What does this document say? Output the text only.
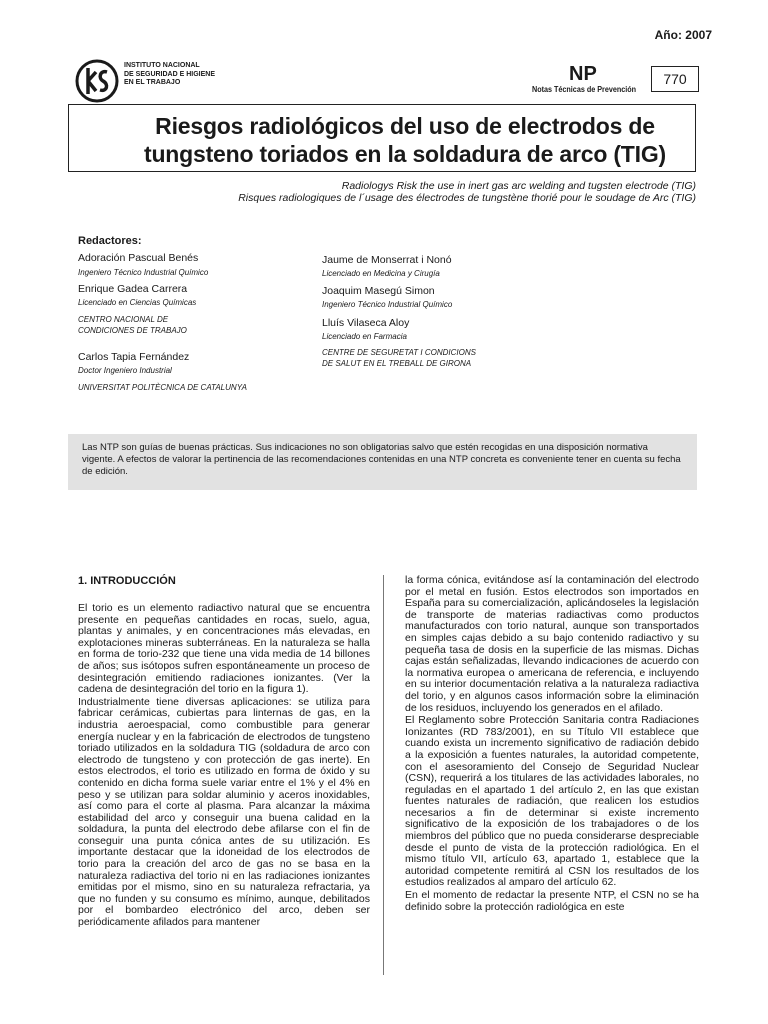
Año: 2007
INSTITUTO NACIONAL
DE SEGURIDAD E HIGIENE
EN EL TRABAJO	NP
Notas Técnicas de Prevención
770
Riesgos radiológicos del uso de electrodos de
tungsteno toriados en la soldadura de arco (TIG)
Radiologys Risk the use in inert gas arc welding and tugsten electrode (TIG)
Risques radiologiques de l´usage des électrodes de tungstène thorié pour le soudage de Arc (TIG)
Redactores:
Adoración Pascual Benés
Ingeniero Técnico Industrial Químico
Enrique Gadea Carrera
Licenciado en Ciencias Químicas
CENTRO NACIONAL DE
CONDICIONES DE TRABAJO
Carlos Tapia Fernández
Doctor Ingeniero Industrial
UNIVERSITAT POLITÈCNICA DE CATALUNYA
Jaume de Monserrat i Nonó
Licenciado en Medicina y Cirugía
Joaquim Masegú Simon
Ingeniero Técnico Industrial Químico
Lluís Vilaseca Aloy
Licenciado en Farmacia
CENTRE DE SEGURETAT I CONDICIONS
DE SALUT EN EL TREBALL DE GIRONA
Las NTP son guías de buenas prácticas. Sus indicaciones no son obligatorias salvo que estén recogidas en una disposición normativa vigente. A efectos de valorar la pertinencia de las recomendaciones contenidas en una NTP concreta es conveniente tener en cuenta su fecha de edición.
1. INTRODUCCIÓN

El torio es un elemento radiactivo natural que se encuentra presente en pequeñas cantidades en rocas, suelo, agua, plantas y animales, y en concentraciones más elevadas, en explotaciones mineras subterráneas. En la naturaleza se halla en forma de torio-232 que tiene una vida media de 14 billones de años; sus isótopos sufren espontáneamente un proceso de desintegración emitiendo radiaciones ionizantes. (Ver la cadena de desintegración del torio en la figura 1).

Industrialmente tiene diversas aplicaciones: se utiliza para fabricar cerámicas, cubiertas para linternas de gas, en la industria aeroespacial, como combustible para generar energía nuclear y en la fabricación de electrodos de tungsteno toriado utilizados en la soldadura TIG (soldadura de arco con electrodo de tungsteno y con protección de gas inerte). En estos electrodos, el torio es utilizado en forma de óxido y su contenido en dicha forma suele variar entre el 1% y el 4% en peso y se utilizan para soldar aluminio y aceros inoxidables, así como para el corte al plasma. Para alcanzar la máxima estabilidad del arco y conseguir una buena calidad en la soldadura, la punta del electrodo debe afilarse con el fin de conseguir una punta cónica antes de su utilización. Es importante destacar que la idoneidad de los electrodos de torio para la creación del arco de gas no se basa en la naturaleza radiactiva del torio ni en las radiaciones ionizantes emitidas por el mismo, sino en su naturaleza refractaria, ya que no funden y su consumo es mínimo, aunque, debilitados por el bombardeo electrónico del arco, deben ser periódicamente afilados para mantener

la forma cónica, evitándose así la contaminación del electrodo por el metal en fusión. Estos electrodos son importados en España para su comercialización, aplicándoseles la legislación de transporte de materias radiactivas como productos manufacturados con torio natural, aunque son transportados en simples cajas debido a su bajo contenido radiactivo y su pequeña tasa de dosis en la superficie de las mismas. Dichas cajas están señalizadas, llevando indicaciones de acuerdo con la normativa europea o americana de referencia, e incluyendo en su interior documentación relativa a la naturaleza radiactiva del torio, y en algunos casos información sobre la eliminación de los residuos, incluyendo los generados en el afilado.

El Reglamento sobre Protección Sanitaria contra Radiaciones Ionizantes (RD 783/2001), en su Título VII establece que cuando exista un incremento significativo de radiación debido a la exposición a fuentes naturales, la autoridad competente, con el asesoramiento del Consejo de Seguridad Nuclear (CSN), requerirá a los titulares de las actividades laborales, no reguladas en el apartado 1 del artículo 2, en las que existan fuentes naturales de radiación, que realicen los estudios necesarios a fin de determinar si existe incremento significativo de la exposición de los trabajadores o de los miembros del público que no pueda considerarse despreciable desde el punto de vista de la protección radiológica. En el mismo título VII, artículo 63, apartado 1, establece que la autoridad competente remitirá al CSN los resultados de los estudios realizados al amparo del artículo 62.

En el momento de redactar la presente NTP, el CSN no se ha definido sobre la protección radiológica en este
